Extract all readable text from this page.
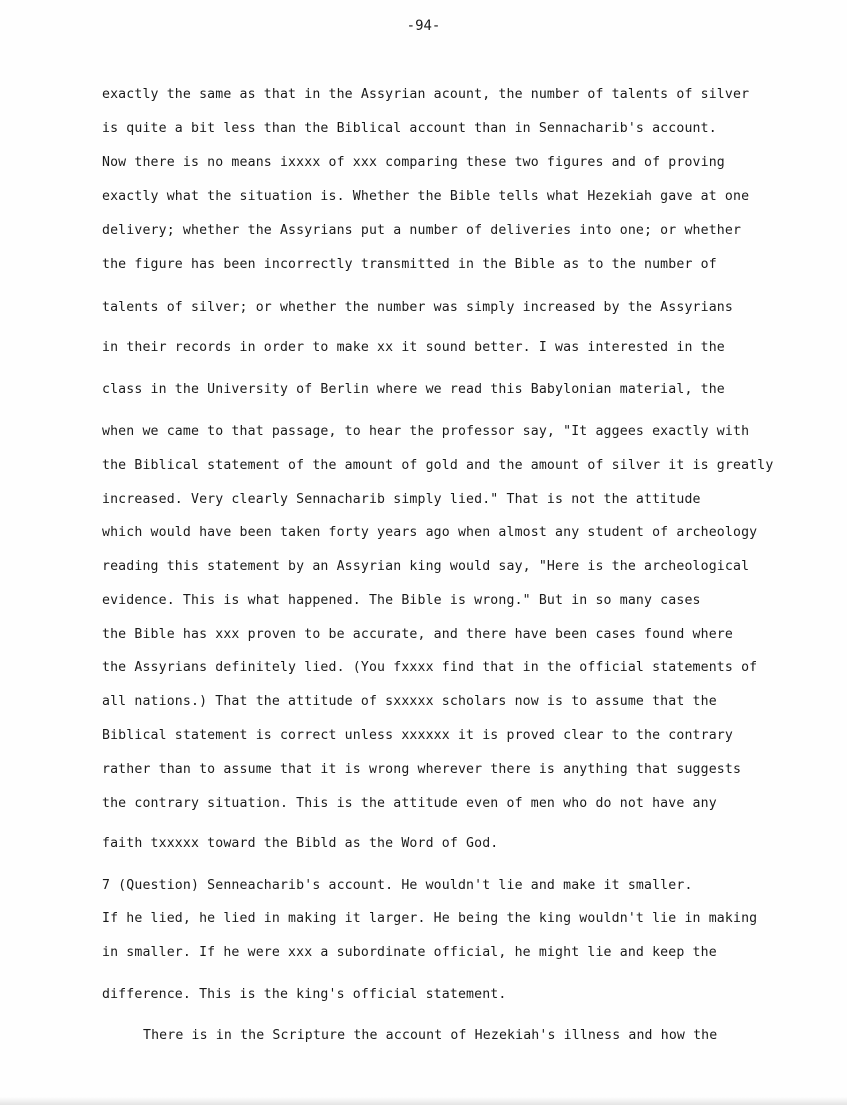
-94-
exactly the same as that in the Assyrian acount, the number of talents of silver
is quite a bit less than the Biblical account than in Sennacharib's account.
Now there is no means ixxxx of xxx comparing these two figures and of proving
exactly what the situation is. Whether the Bible tells what Hezekiah gave at one
delivery; whether the Assyrians put a number of deliveries into one; or whether
the figure has been incorrectly transmitted in the Bible as to the number of
talents of silver; or whether the number was simply increased by the Assyrians
in their records in order to make xx it sound better. I was interested in the
class in the University of Berlin where we read this Babylonian material, the
when we came to that passage, to hear the professor say, "It aggees exactly with
the Biblical statement of the amount of gold and the amount of silver it is greatly
increased. Very clearly Sennacharib simply lied." That is not the attitude
which would have been taken forty years ago when almost any student of archeology
reading this statement by an Assyrian king would say, "Here is the archeological
evidence. This is what happened. The Bible is wrong." But in so many cases
the Bible has xxx proven to be accurate, and there have been cases found where
the Assyrians definitely lied. (You fxxxx find that in the official statements of
all nations.) That the attitude of sxxxxx scholars now is to assume that the
Biblical statement is correct unless xxxxxx it is proved clear to the contrary
rather than to assume that it is wrong wherever there is anything that suggests
the contrary situation. This is the attitude even of men who do not have any
faith txxxxx toward the Bibld as the Word of God.
7 (Question) Senneacharib's account. He wouldn't lie and make it smaller.
If he lied, he lied in making it larger. He being the king wouldn't lie in making
in smaller. If he were xxx a subordinate official, he might lie and keep the
difference. This is the king's official statement.
There is in the Scripture the account of Hezekiah's illness and how the
